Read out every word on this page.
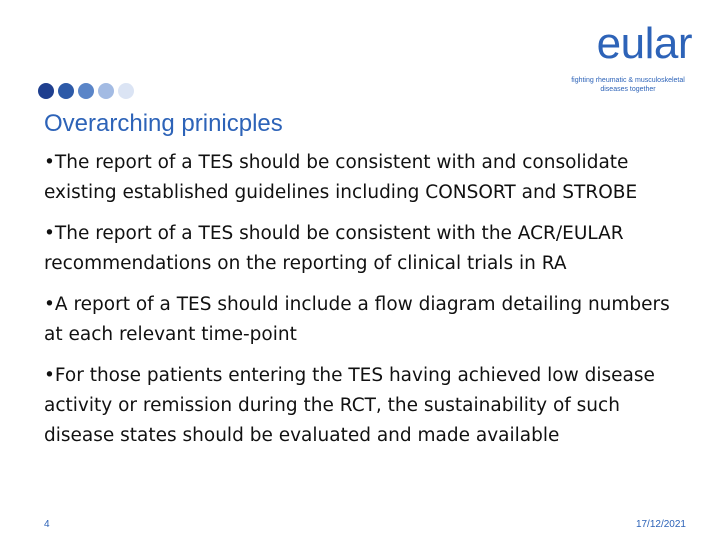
eular
fighting rheumatic & musculoskeletal diseases together
Overarching prinicples
•The report of a TES should be consistent with and consolidate existing established guidelines including CONSORT and STROBE
•The report of a TES should be consistent with the ACR/EULAR recommendations on the reporting of clinical trials in RA
•A report of a TES should include a flow diagram detailing numbers at each relevant time-point
•For those patients entering the TES having achieved low disease activity or remission during the RCT, the sustainability of such disease states should be evaluated and made available
4	17/12/2021
